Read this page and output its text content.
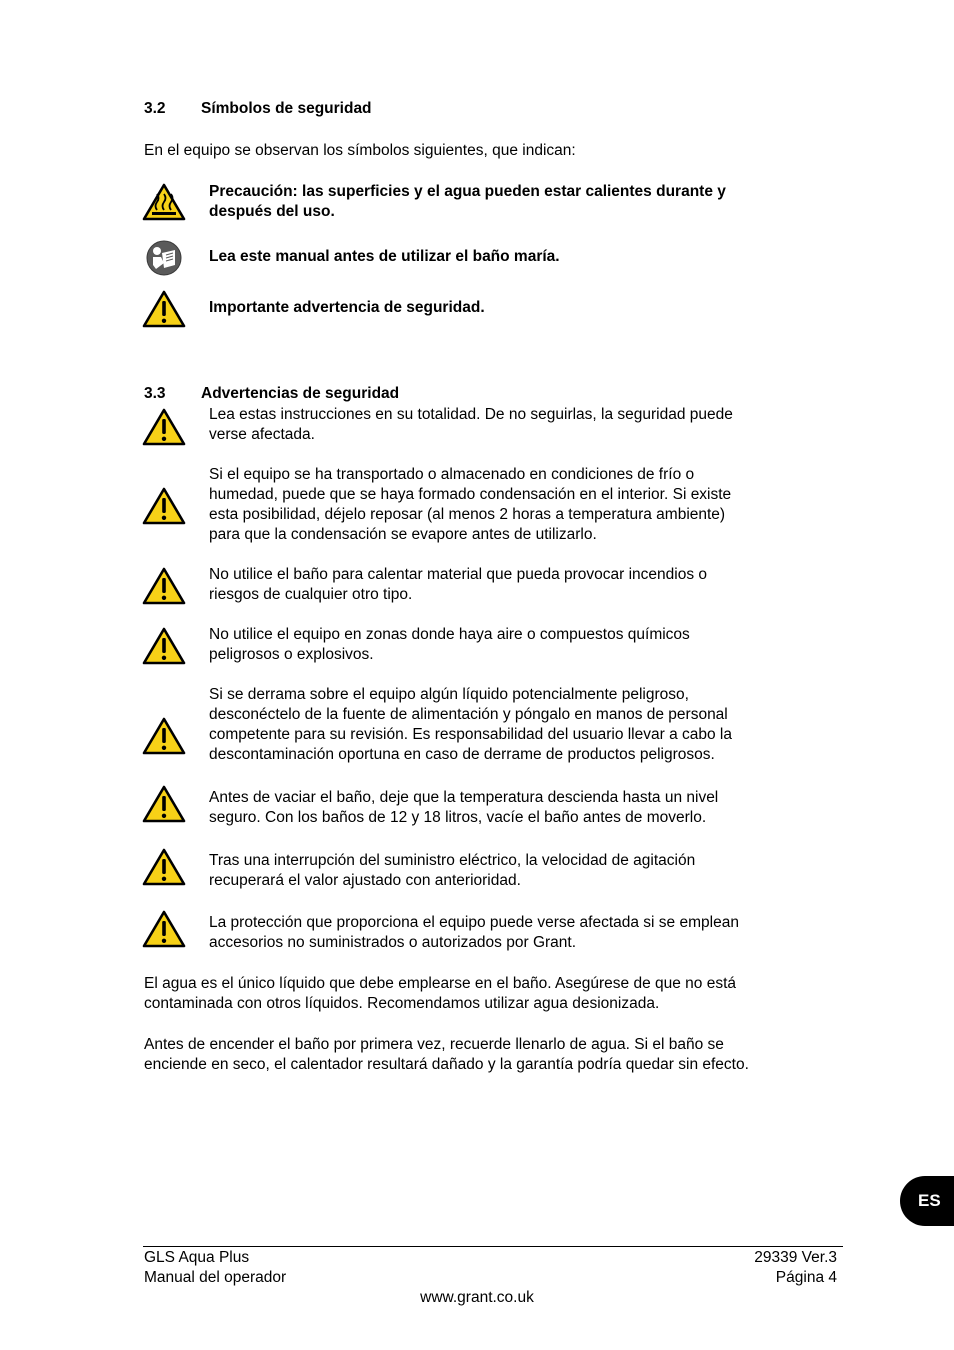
3.2 Símbolos de seguridad
En el equipo se observan los símbolos siguientes, que indican:
Precaución: las superficies y el agua pueden estar calientes durante y
después del uso.
Lea este manual antes de utilizar el baño maría.
Importante advertencia de seguridad.
3.3 Advertencias de seguridad
Lea estas instrucciones en su totalidad. De no seguirlas, la seguridad puede
verse afectada.
Si el equipo se ha transportado o almacenado en condiciones de frío o
humedad, puede que se haya formado condensación en el interior. Si existe
esta posibilidad, déjelo reposar (al menos 2 horas a temperatura ambiente)
para que la condensación se evapore antes de utilizarlo.
No utilice el baño para calentar material que pueda provocar incendios o
riesgos de cualquier otro tipo.
No utilice el equipo en zonas donde haya aire o compuestos químicos
peligrosos o explosivos.
Si se derrama sobre el equipo algún líquido potencialmente peligroso,
desconéctelo de la fuente de alimentación y póngalo en manos de personal
competente para su revisión. Es responsabilidad del usuario llevar a cabo la
descontaminación oportuna en caso de derrame de productos peligrosos.
Antes de vaciar el baño, deje que la temperatura descienda hasta un nivel
seguro. Con los baños de 12 y 18 litros, vacíe el baño antes de moverlo.
Tras una interrupción del suministro eléctrico, la velocidad de agitación
recuperará el valor ajustado con anterioridad.
La protección que proporciona el equipo puede verse afectada si se emplean
accesorios no suministrados o autorizados por Grant.
El agua es el único líquido que debe emplearse en el baño. Asegúrese de que no está
contaminada con otros líquidos. Recomendamos utilizar agua desionizada.
Antes de encender el baño por primera vez, recuerde llenarlo de agua. Si el baño se
enciende en seco, el calentador resultará dañado y la garantía podría quedar sin efecto.
ES
GLS Aqua Plus
Manual del operador
29339 Ver.3
Página 4
www.grant.co.uk
